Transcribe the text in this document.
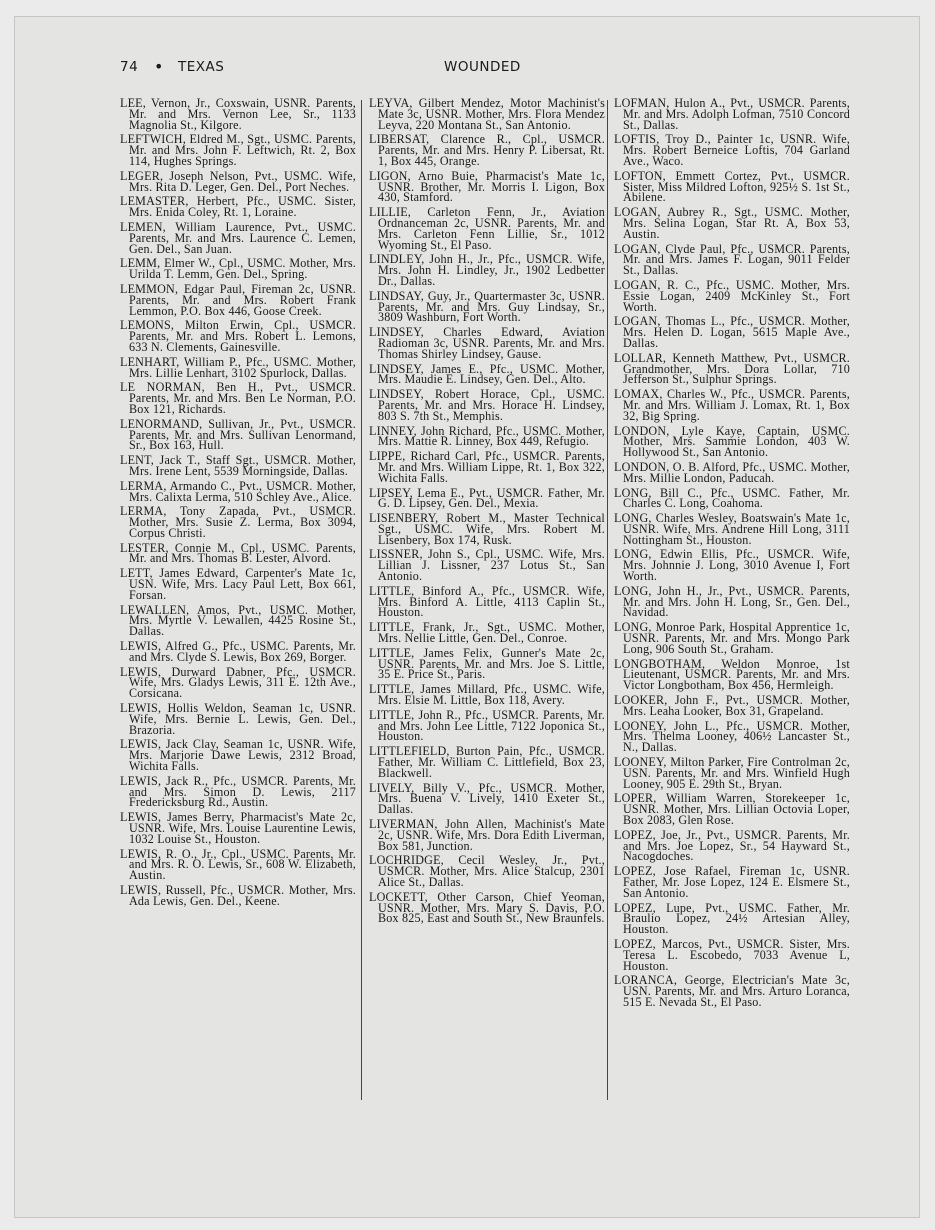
74 • TEXAS	WOUNDED

LEE, Vernon, Jr., Coxswain, USNR. Parents, Mr. and Mrs. Vernon Lee, Sr., 1133 Magnolia St., Kilgore.

LEFTWICH, Eldred M., Sgt., USMC. Parents, Mr. and Mrs. John F. Leftwich, Rt. 2, Box 114, Hughes Springs.

LEGER, Joseph Nelson, Pvt., USMC. Wife, Mrs. Rita D. Leger, Gen. Del., Port Neches.

LEMASTER, Herbert, Pfc., USMC. Sister, Mrs. Enida Coley, Rt. 1, Loraine.

LEMEN, William Laurence, Pvt., USMC. Parents, Mr. and Mrs. Laurence C. Lemen, Gen. Del., San Juan.

LEMM, Elmer W., Cpl., USMC. Mother, Mrs. Urilda T. Lemm, Gen. Del., Spring.

LEMMON, Edgar Paul, Fireman 2c, USNR. Parents, Mr. and Mrs. Robert Frank Lemmon, P.O. Box 446, Goose Creek.

LEMONS, Milton Erwin, Cpl., USMCR. Parents, Mr. and Mrs. Robert L. Lemons, 633 N. Clements, Gainesville.

LENHART, William P., Pfc., USMC. Mother, Mrs. Lillie Lenhart, 3102 Spurlock, Dallas.

LE NORMAN, Ben H., Pvt., USMCR. Parents, Mr. and Mrs. Ben Le Norman, P.O. Box 121, Richards.

LENORMAND, Sullivan, Jr., Pvt., USMCR. Parents, Mr. and Mrs. Sullivan Lenormand, Sr., Box 163, Hull.

LENT, Jack T., Staff Sgt., USMCR. Mother, Mrs. Irene Lent, 5539 Morningside, Dallas.

LERMA, Armando C., Pvt., USMCR. Mother, Mrs. Calixta Lerma, 510 Schley Ave., Alice.

LERMA, Tony Zapada, Pvt., USMCR. Mother, Mrs. Susie Z. Lerma, Box 3094, Corpus Christi.

LESTER, Connie M., Cpl., USMC. Parents, Mr. and Mrs. Thomas B. Lester, Alvord.

LETT, James Edward, Carpenter's Mate 1c, USN. Wife, Mrs. Lacy Paul Lett, Box 661, Forsan.

LEWALLEN, Amos, Pvt., USMC. Mother, Mrs. Myrtle V. Lewallen, 4425 Rosine St., Dallas.

LEWIS, Alfred G., Pfc., USMC. Parents, Mr. and Mrs. Clyde S. Lewis, Box 269, Borger.

LEWIS, Durward Dabner, Pfc., USMCR. Wife, Mrs. Gladys Lewis, 311 E. 12th Ave., Corsicana.

LEWIS, Hollis Weldon, Seaman 1c, USNR. Wife, Mrs. Bernie L. Lewis, Gen. Del., Brazoria.

LEWIS, Jack Clay, Seaman 1c, USNR. Wife, Mrs. Marjorie Dawe Lewis, 2312 Broad, Wichita Falls.

LEWIS, Jack R., Pfc., USMCR. Parents, Mr. and Mrs. Simon D. Lewis, 2117 Fredericksburg Rd., Austin.

LEWIS, James Berry, Pharmacist's Mate 2c, USNR. Wife, Mrs. Louise Laurentine Lewis, 1032 Louise St., Houston.

LEWIS, R. O., Jr., Cpl., USMC. Parents, Mr. and Mrs. R. O. Lewis, Sr., 608 W. Elizabeth, Austin.

LEWIS, Russell, Pfc., USMCR. Mother, Mrs. Ada Lewis, Gen. Del., Keene.

LEYVA, Gilbert Mendez, Motor Machinist's Mate 3c, USNR. Mother, Mrs. Flora Mendez Leyva, 220 Montana St., San Antonio.

LIBERSAT, Clarence R., Cpl., USMCR. Parents, Mr. and Mrs. Henry P. Libersat, Rt. 1, Box 445, Orange.

LIGON, Arno Buie, Pharmacist's Mate 1c, USNR. Brother, Mr. Morris I. Ligon, Box 430, Stamford.

LILLIE, Carleton Fenn, Jr., Aviation Ordnanceman 2c, USNR. Parents, Mr. and Mrs. Carleton Fenn Lillie, Sr., 1012 Wyoming St., El Paso.

LINDLEY, John H., Jr., Pfc., USMCR. Wife, Mrs. John H. Lindley, Jr., 1902 Ledbetter Dr., Dallas.

LINDSAY, Guy, Jr., Quartermaster 3c, USNR. Parents, Mr. and Mrs. Guy Lindsay, Sr., 3809 Washburn, Fort Worth.

LINDSEY, Charles Edward, Aviation Radioman 3c, USNR. Parents, Mr. and Mrs. Thomas Shirley Lindsey, Gause.

LINDSEY, James E., Pfc., USMC. Mother, Mrs. Maudie E. Lindsey, Gen. Del., Alto.

LINDSEY, Robert Horace, Cpl., USMC. Parents, Mr. and Mrs. Horace H. Lindsey, 803 S. 7th St., Memphis.

LINNEY, John Richard, Pfc., USMC. Mother, Mrs. Mattie R. Linney, Box 449, Refugio.

LIPPE, Richard Carl, Pfc., USMCR. Parents, Mr. and Mrs. William Lippe, Rt. 1, Box 322, Wichita Falls.

LIPSEY, Lema E., Pvt., USMCR. Father, Mr. G. D. Lipsey, Gen. Del., Mexia.

LISENBERY, Robert M., Master Technical Sgt., USMC. Wife, Mrs. Robert M. Lisenbery, Box 174, Rusk.

LISSNER, John S., Cpl., USMC. Wife, Mrs. Lillian J. Lissner, 237 Lotus St., San Antonio.

LITTLE, Binford A., Pfc., USMCR. Wife, Mrs. Binford A. Little, 4113 Caplin St., Houston.

LITTLE, Frank, Jr., Sgt., USMC. Mother, Mrs. Nellie Little, Gen. Del., Conroe.

LITTLE, James Felix, Gunner's Mate 2c, USNR. Parents, Mr. and Mrs. Joe S. Little, 35 E. Price St., Paris.

LITTLE, James Millard, Pfc., USMC. Wife, Mrs. Elsie M. Little, Box 118, Avery.

LITTLE, John R., Pfc., USMCR. Parents, Mr. and Mrs. John Lee Little, 7122 Joponica St., Houston.

LITTLEFIELD, Burton Pain, Pfc., USMCR. Father, Mr. William C. Littlefield, Box 23, Blackwell.

LIVELY, Billy V., Pfc., USMCR. Mother, Mrs. Buena V. Lively, 1410 Exeter St., Dallas.

LIVERMAN, John Allen, Machinist's Mate 2c, USNR. Wife, Mrs. Dora Edith Liverman, Box 581, Junction.

LOCHRIDGE, Cecil Wesley, Jr., Pvt., USMCR. Mother, Mrs. Alice Stalcup, 2301 Alice St., Dallas.

LOCKETT, Other Carson, Chief Yeoman, USNR. Mother, Mrs. Mary S. Davis, P.O. Box 825, East and South St., New Braunfels.

LOFMAN, Hulon A., Pvt., USMCR. Parents, Mr. and Mrs. Adolph Lofman, 7510 Concord St., Dallas.

LOFTIS, Troy D., Painter 1c, USNR. Wife, Mrs. Robert Berneice Loftis, 704 Garland Ave., Waco.

LOFTON, Emmett Cortez, Pvt., USMCR. Sister, Miss Mildred Lofton, 925½ S. 1st St., Abilene.

LOGAN, Aubrey R., Sgt., USMC. Mother, Mrs. Selina Logan, Star Rt. A, Box 53, Austin.

LOGAN, Clyde Paul, Pfc., USMCR. Parents, Mr. and Mrs. James F. Logan, 9011 Felder St., Dallas.

LOGAN, R. C., Pfc., USMC. Mother, Mrs. Essie Logan, 2409 McKinley St., Fort Worth.

LOGAN, Thomas L., Pfc., USMCR. Mother, Mrs. Helen D. Logan, 5615 Maple Ave., Dallas.

LOLLAR, Kenneth Matthew, Pvt., USMCR. Grandmother, Mrs. Dora Lollar, 710 Jefferson St., Sulphur Springs.

LOMAX, Charles W., Pfc., USMCR. Parents, Mr. and Mrs. William J. Lomax, Rt. 1, Box 32, Big Spring.

LONDON, Lyle Kaye, Captain, USMC. Mother, Mrs. Sammie London, 403 W. Hollywood St., San Antonio.

LONDON, O. B. Alford, Pfc., USMC. Mother, Mrs. Millie London, Paducah.

LONG, Bill C., Pfc., USMC. Father, Mr. Charles C. Long, Coahoma.

LONG, Charles Wesley, Boatswain's Mate 1c, USNR. Wife, Mrs. Andrene Hill Long, 3111 Nottingham St., Houston.

LONG, Edwin Ellis, Pfc., USMCR. Wife, Mrs. Johnnie J. Long, 3010 Avenue I, Fort Worth.

LONG, John H., Jr., Pvt., USMCR. Parents, Mr. and Mrs. John H. Long, Sr., Gen. Del., Navidad.

LONG, Monroe Park, Hospital Apprentice 1c, USNR. Parents, Mr. and Mrs. Mongo Park Long, 906 South St., Graham.

LONGBOTHAM, Weldon Monroe, 1st Lieutenant, USMCR. Parents, Mr. and Mrs. Victor Longbotham, Box 456, Hermleigh.

LOOKER, John F., Pvt., USMCR. Mother, Mrs. Leaha Looker, Box 31, Grapeland.

LOONEY, John L., Pfc., USMCR. Mother, Mrs. Thelma Looney, 406½ Lancaster St., N., Dallas.

LOONEY, Milton Parker, Fire Controlman 2c, USN. Parents, Mr. and Mrs. Winfield Hugh Looney, 905 E. 29th St., Bryan.

LOPER, William Warren, Storekeeper 1c, USNR. Mother, Mrs. Lillian Octovia Loper, Box 2083, Glen Rose.

LOPEZ, Joe, Jr., Pvt., USMCR. Parents, Mr. and Mrs. Joe Lopez, Sr., 54 Hayward St., Nacogdoches.

LOPEZ, Jose Rafael, Fireman 1c, USNR. Father, Mr. Jose Lopez, 124 E. Elsmere St., San Antonio.

LOPEZ, Lupe, Pvt., USMC. Father, Mr. Braulio Lopez, 24½ Artesian Alley, Houston.

LOPEZ, Marcos, Pvt., USMCR. Sister, Mrs. Teresa L. Escobedo, 7033 Avenue L, Houston.

LORANCA, George, Electrician's Mate 3c, USN. Parents, Mr. and Mrs. Arturo Loranca, 515 E. Nevada St., El Paso.
